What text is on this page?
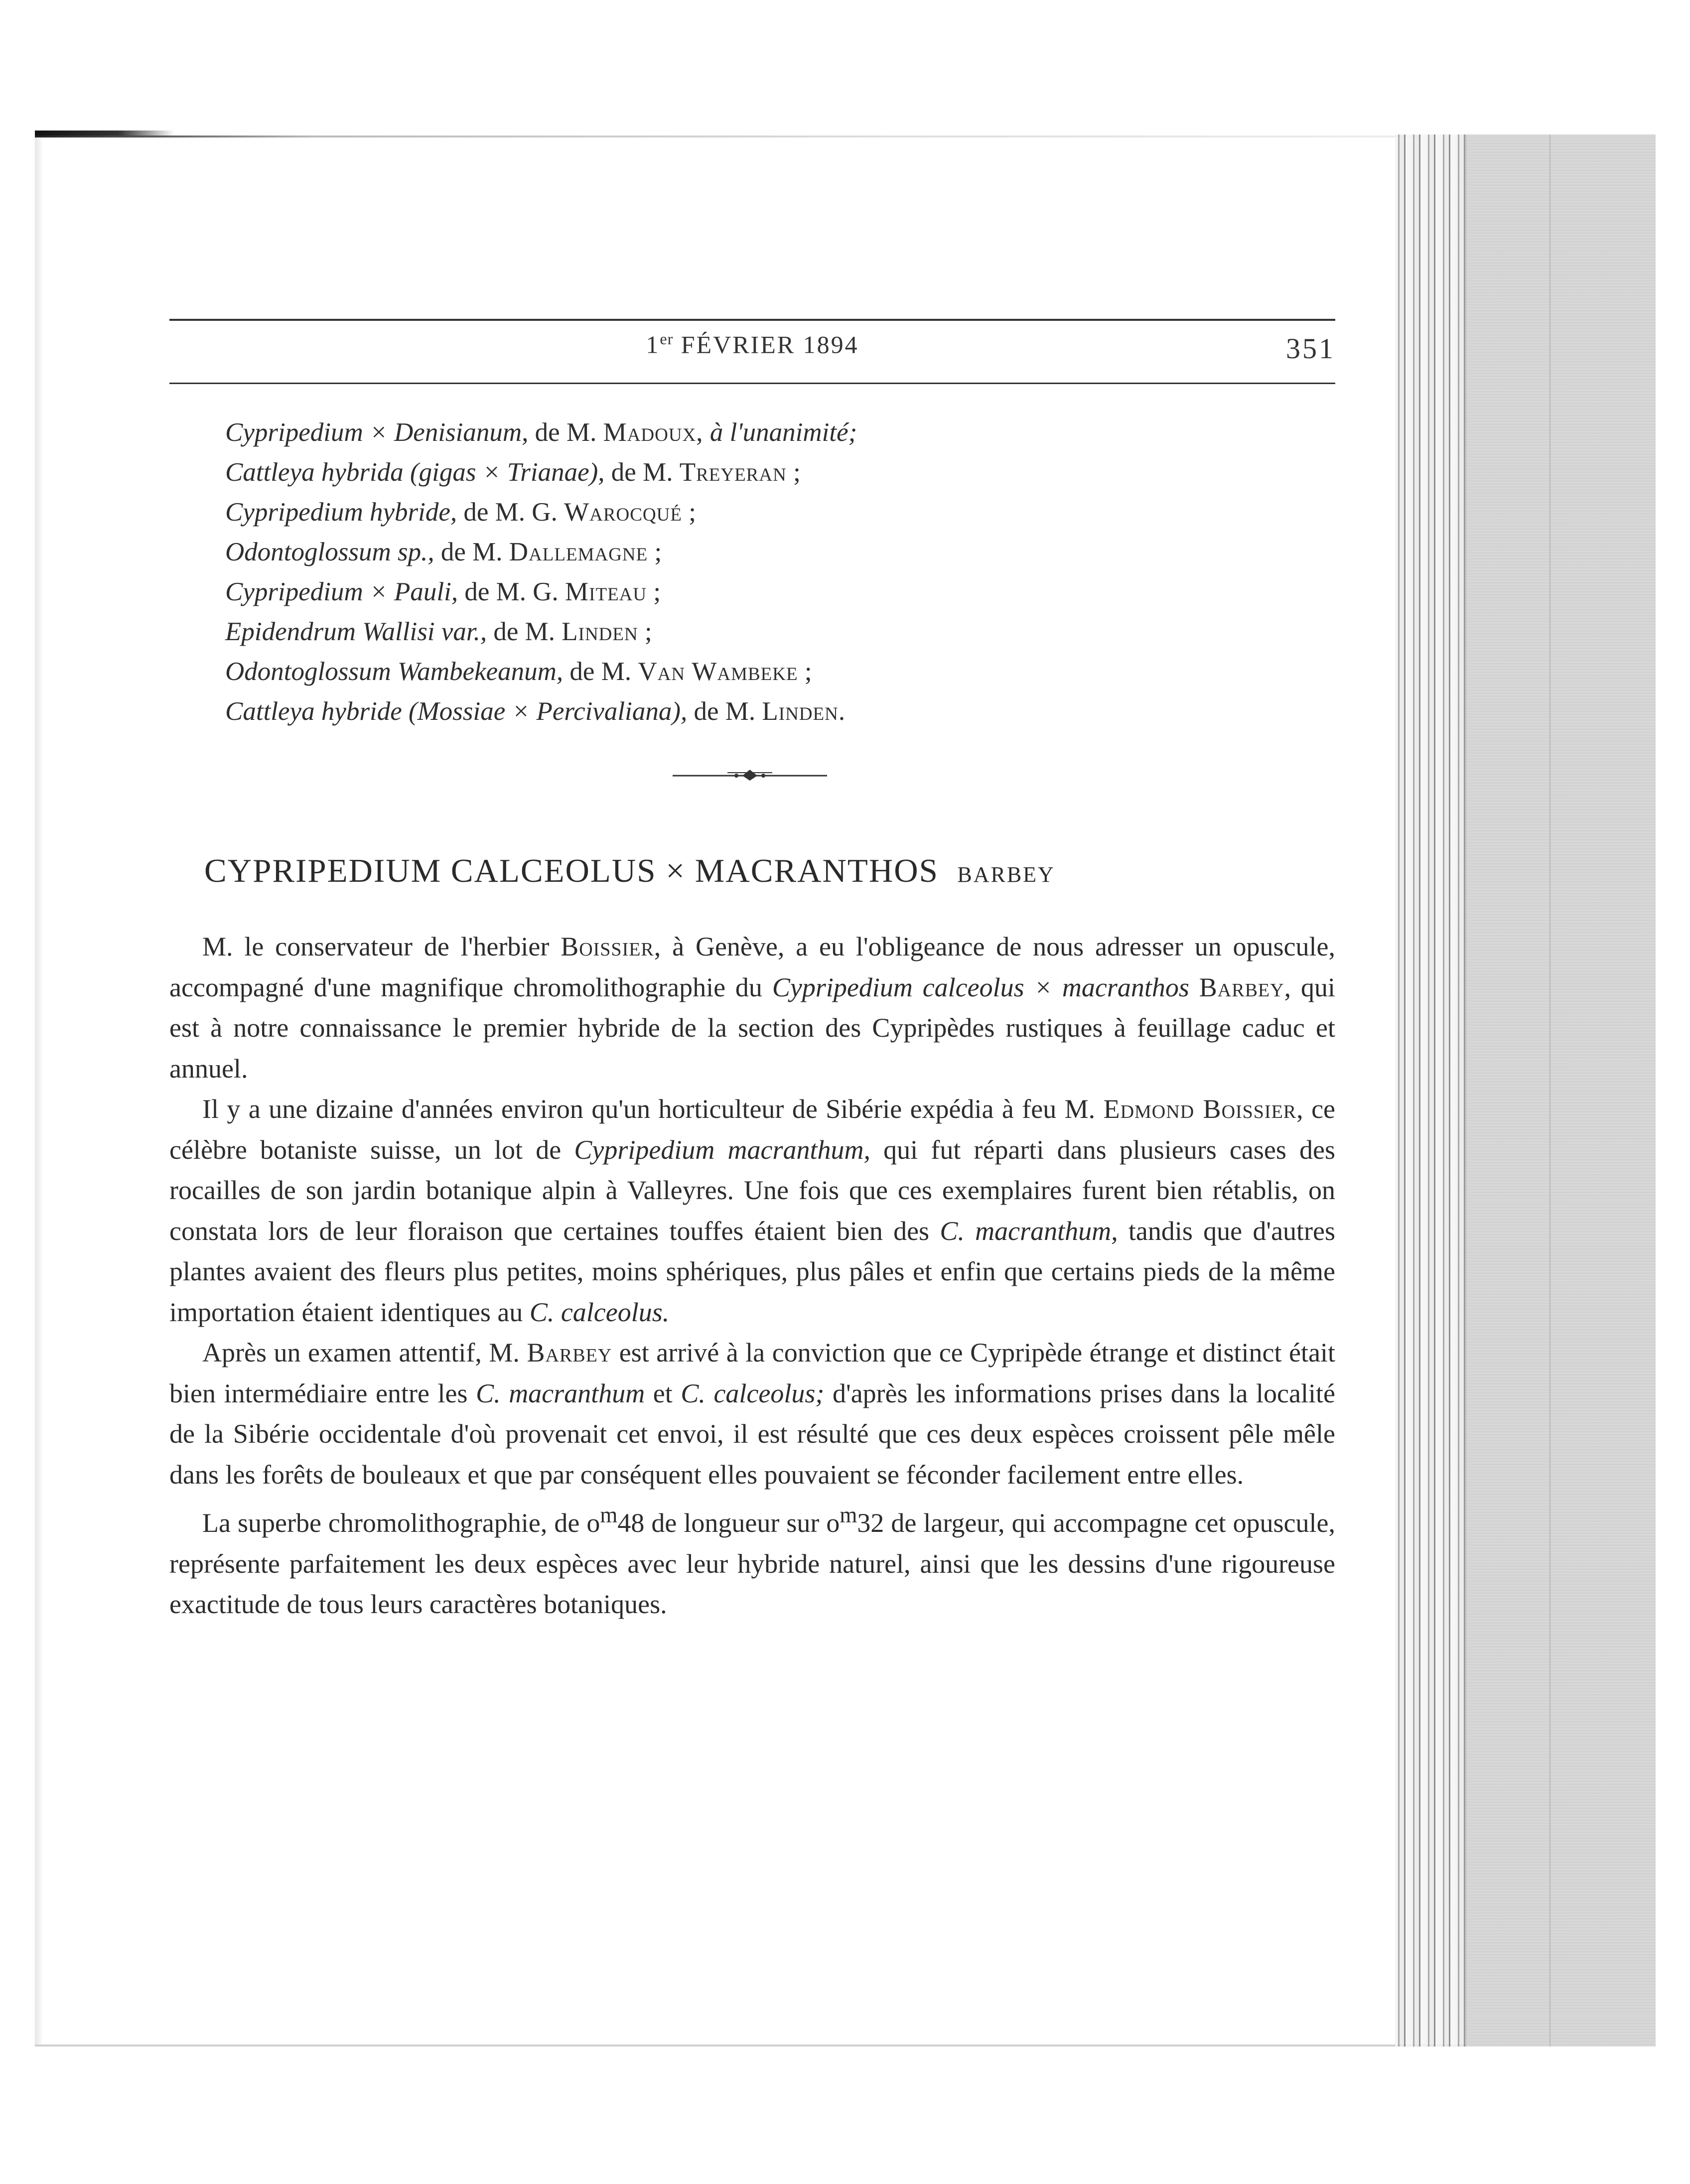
1er FÉVRIER 1894	351
Cypripedium × Denisianum, de M. Madoux, à l'unanimité;
Cattleya hybrida (gigas × Trianae), de M. Treyeran ;
Cypripedium hybride, de M. G. Warocqué ;
Odontoglossum sp., de M. Dallemagne ;
Cypripedium × Pauli, de M. G. Miteau ;
Epidendrum Wallisi var., de M. Linden ;
Odontoglossum Wambekeanum, de M. Van Wambeke ;
Cattleya hybride (Mossiae × Percivaliana), de M. Linden.
CYPRIPEDIUM CALCEOLUS × MACRANTHOS BARBEY

M. le conservateur de l'herbier Boissier, à Genève, a eu l'obligeance de nous adresser un opuscule, accompagné d'une magnifique chromolithographie du Cypripedium calceolus × macranthos Barbey, qui est à notre connaissance le premier hybride de la section des Cypripèdes rustiques à feuillage caduc et annuel.

Il y a une dizaine d'années environ qu'un horticulteur de Sibérie expédia à feu M. Edmond Boissier, ce célèbre botaniste suisse, un lot de Cypripedium macranthum, qui fut réparti dans plusieurs cases des rocailles de son jardin botanique alpin à Valleyres. Une fois que ces exemplaires furent bien rétablis, on constata lors de leur floraison que certaines touffes étaient bien des C. macranthum, tandis que d'autres plantes avaient des fleurs plus petites, moins sphériques, plus pâles et enfin que certains pieds de la même importation étaient identiques au C. calceolus.

Après un examen attentif, M. Barbey est arrivé à la conviction que ce Cypripède étrange et distinct était bien intermédiaire entre les C. macranthum et C. calceolus; d'après les informations prises dans la localité de la Sibérie occidentale d'où provenait cet envoi, il est résulté que ces deux espèces croissent pêle mêle dans les forêts de bouleaux et que par conséquent elles pouvaient se féconder facilement entre elles.

La superbe chromolithographie, de $o^m48$ de longueur sur $o^m32$ de largeur, qui accompagne cet opuscule, représente parfaitement les deux espèces avec leur hybride naturel, ainsi que les dessins d'une rigoureuse exactitude de tous leurs caractères botaniques.
